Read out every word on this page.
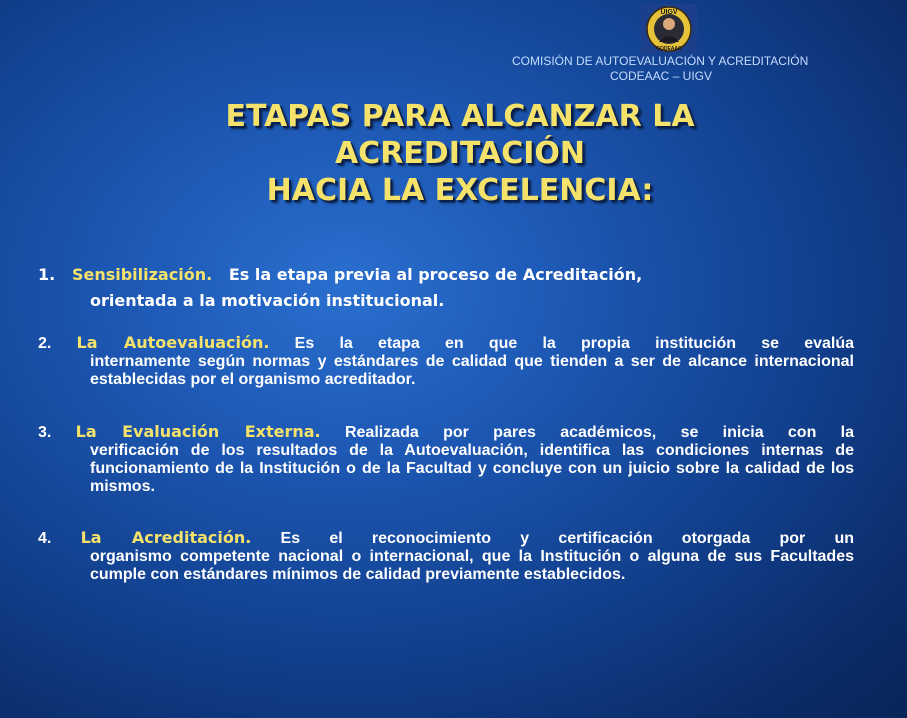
UIGV
CODEAAC
COMISIÓN DE AUTOEVALUACIÓN Y ACREDITACIÓN
CODEAAC – UIGV
ETAPAS PARA ALCANZAR LA
ACREDITACIÓN
HACIA LA EXCELENCIA:
1. Sensibilización. Es la etapa previa al proceso de Acreditación,
orientada a la motivación institucional.
2. La Autoevaluación. Es la etapa en que la propia institución se evalúa
internamente según normas y estándares de calidad que tienden a ser de alcance internacional establecidas por el organismo acreditador.
3. La Evaluación Externa. Realizada por pares académicos, se inicia con la
verificación de los resultados de la Autoevaluación, identifica las condiciones internas de funcionamiento de la Institución o de la Facultad y concluye con un juicio sobre la calidad de los mismos.
4. La Acreditación. Es el reconocimiento y certificación otorgada por un
organismo competente nacional o internacional, que la Institución o alguna de sus Facultades cumple con estándares mínimos de calidad previamente establecidos.
